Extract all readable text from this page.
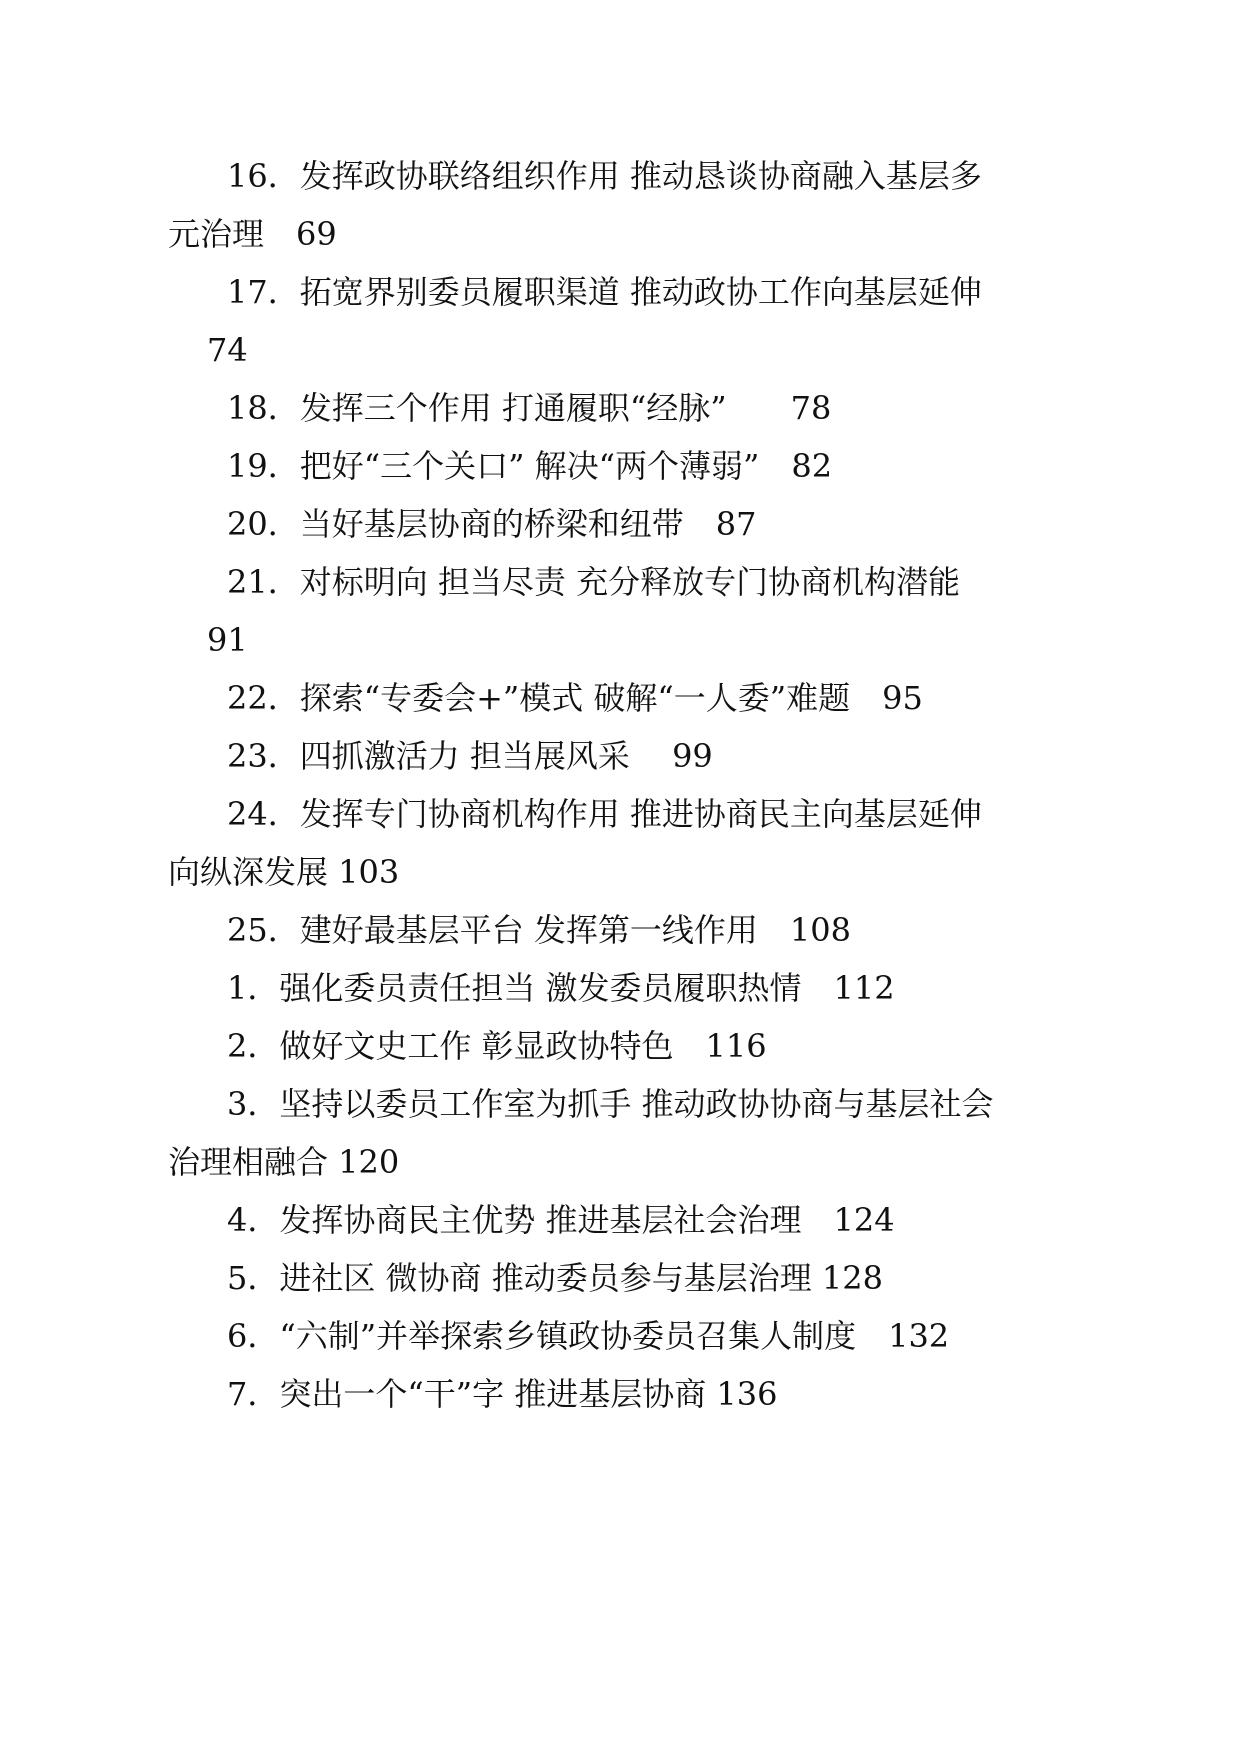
16．发挥政协联络组织作用 推动恳谈协商融入基层多
元治理　69
17．拓宽界别委员履职渠道 推动政协工作向基层延伸
74
18．发挥三个作用 打通履职“经脉”　　78
19．把好“三个关口” 解决“两个薄弱”　82
20．当好基层协商的桥梁和纽带　87
21．对标明向 担当尽责 充分释放专门协商机构潜能
91
22．探索“专委会+”模式 破解“一人委”难题　95
23．四抓激活力 担当展风采　 99
24．发挥专门协商机构作用 推进协商民主向基层延伸
向纵深发展 103
25．建好最基层平台 发挥第一线作用　108
1．强化委员责任担当 激发委员履职热情　112
2．做好文史工作 彰显政协特色　116
3．坚持以委员工作室为抓手 推动政协协商与基层社会
治理相融合 120
4．发挥协商民主优势 推进基层社会治理　124
5．进社区 微协商 推动委员参与基层治理 128
6．“六制”并举探索乡镇政协委员召集人制度　132
7．突出一个“干”字 推进基层协商 136
